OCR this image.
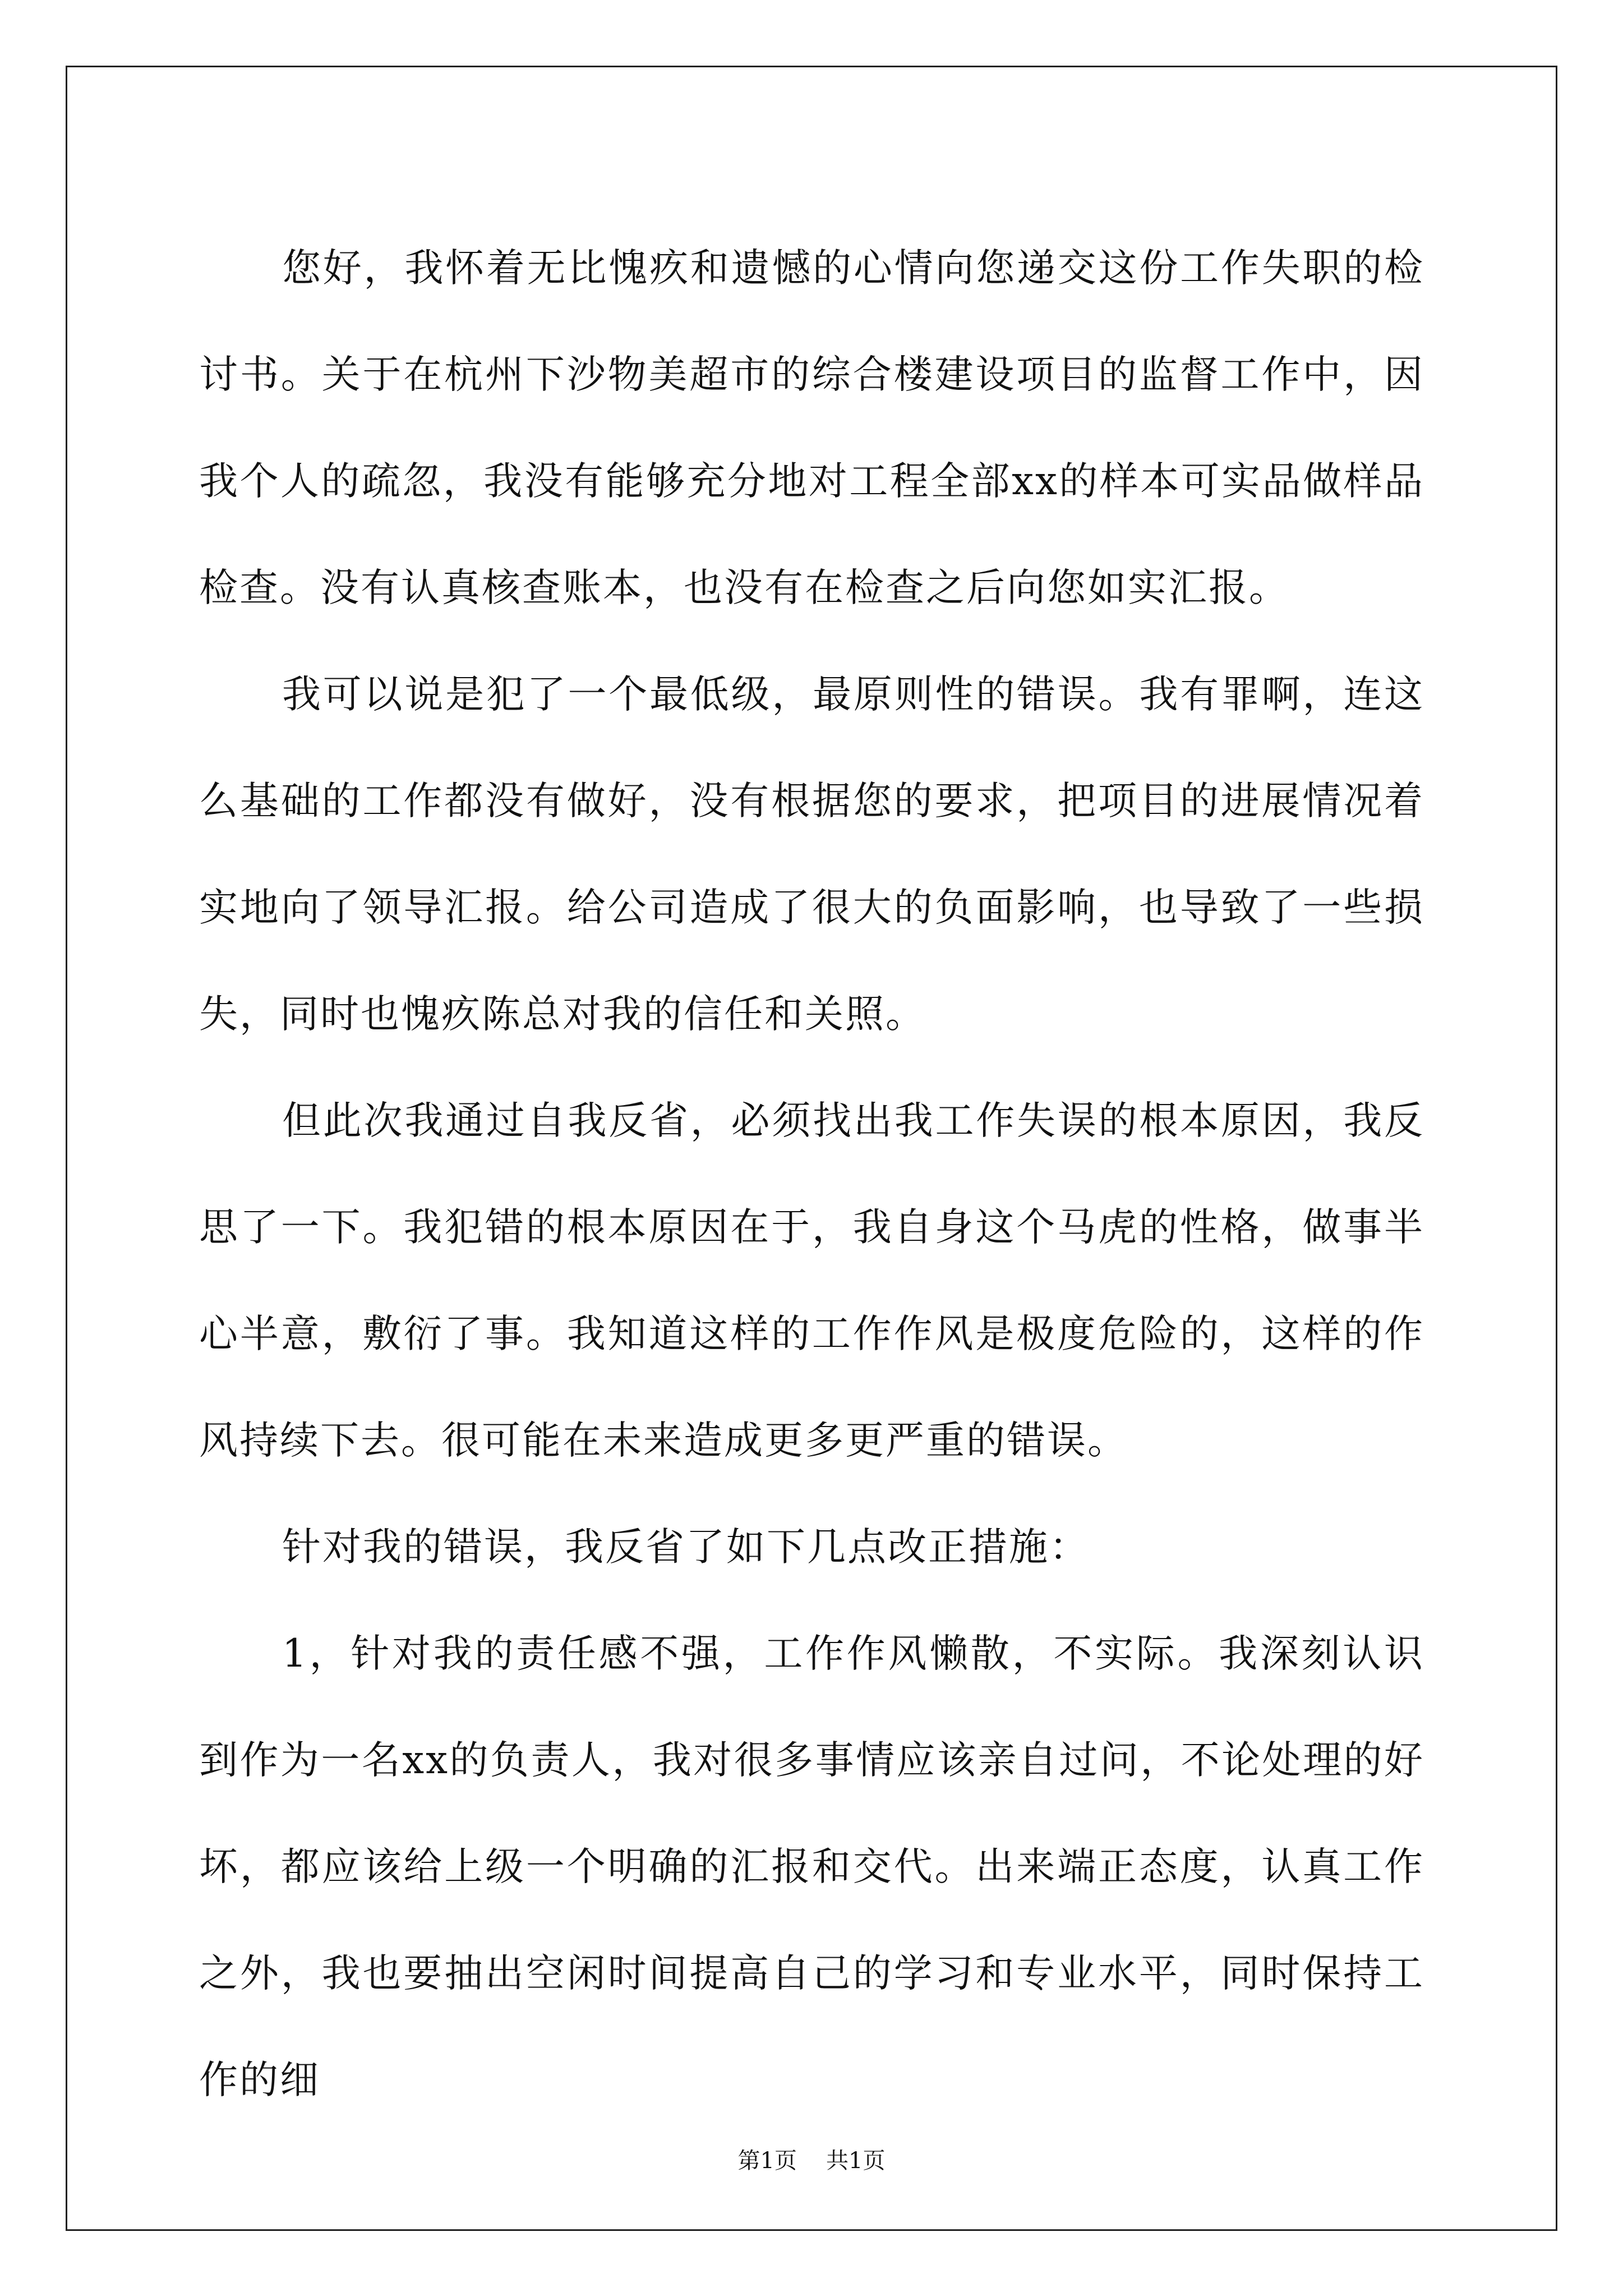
您好，我怀着无比愧疚和遗憾的心情向您递交这份工作失职的检讨书。关于在杭州下沙物美超市的综合楼建设项目的监督工作中，因我个人的疏忽，我没有能够充分地对工程全部xx的样本可实品做样品检查。没有认真核查账本，也没有在检查之后向您如实汇报。

我可以说是犯了一个最低级，最原则性的错误。我有罪啊，连这么基础的工作都没有做好，没有根据您的要求，把项目的进展情况着实地向了领导汇报。给公司造成了很大的负面影响，也导致了一些损失，同时也愧疚陈总对我的信任和关照。

但此次我通过自我反省，必须找出我工作失误的根本原因，我反思了一下。我犯错的根本原因在于，我自身这个马虎的性格，做事半心半意，敷衍了事。我知道这样的工作作风是极度危险的，这样的作风持续下去。很可能在未来造成更多更严重的错误。

针对我的错误，我反省了如下几点改正措施：

1，针对我的责任感不强，工作作风懒散，不实际。我深刻认识到作为一名xx的负责人，我对很多事情应该亲自过问，不论处理的好坏，都应该给上级一个明确的汇报和交代。出来端正态度，认真工作之外，我也要抽出空闲时间提高自己的学习和专业水平，同时保持工作的细

第1页 共1页
